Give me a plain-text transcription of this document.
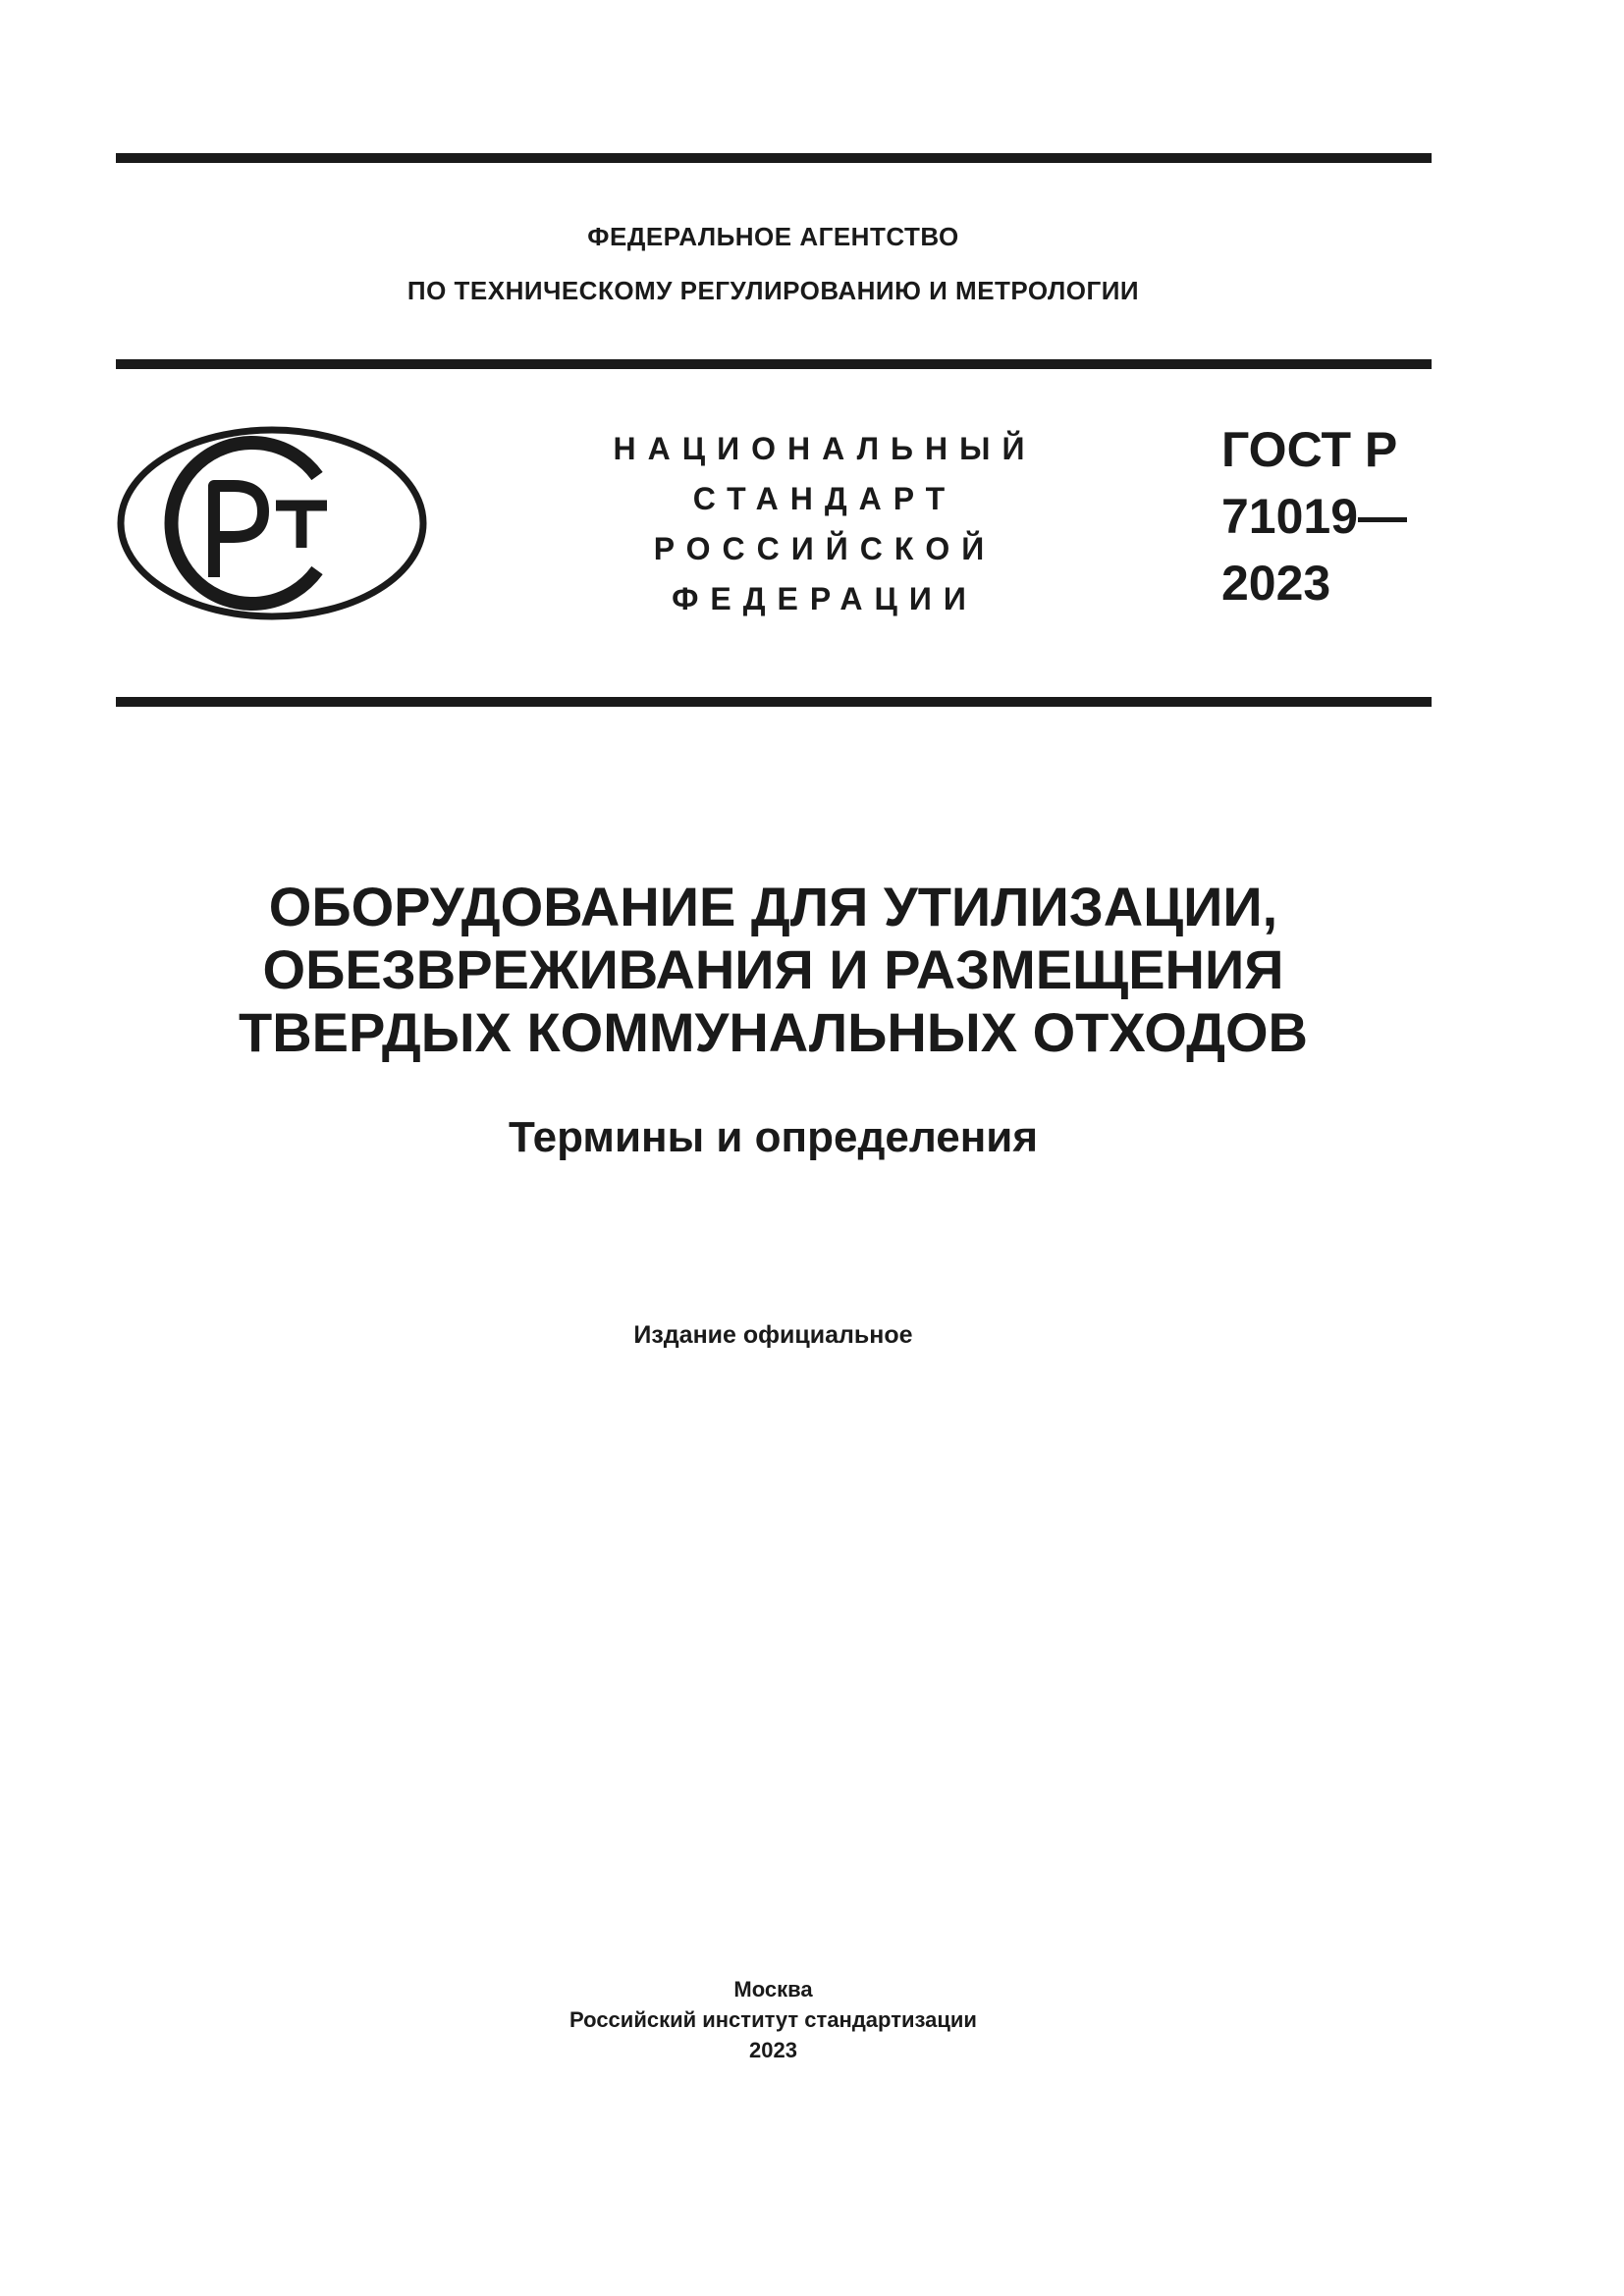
ФЕДЕРАЛЬНОЕ АГЕНТСТВО
ПО ТЕХНИЧЕСКОМУ РЕГУЛИРОВАНИЮ И МЕТРОЛОГИИ
НАЦИОНАЛЬНЫЙ
СТАНДАРТ
РОССИЙСКОЙ
ФЕДЕРАЦИИ
ГОСТ Р
71019—
2023
ОБОРУДОВАНИЕ ДЛЯ УТИЛИЗАЦИИ,
ОБЕЗВРЕЖИВАНИЯ И РАЗМЕЩЕНИЯ
ТВЕРДЫХ КОММУНАЛЬНЫХ ОТХОДОВ
Термины и определения
Издание официальное
Москва
Российский институт стандартизации
2023
